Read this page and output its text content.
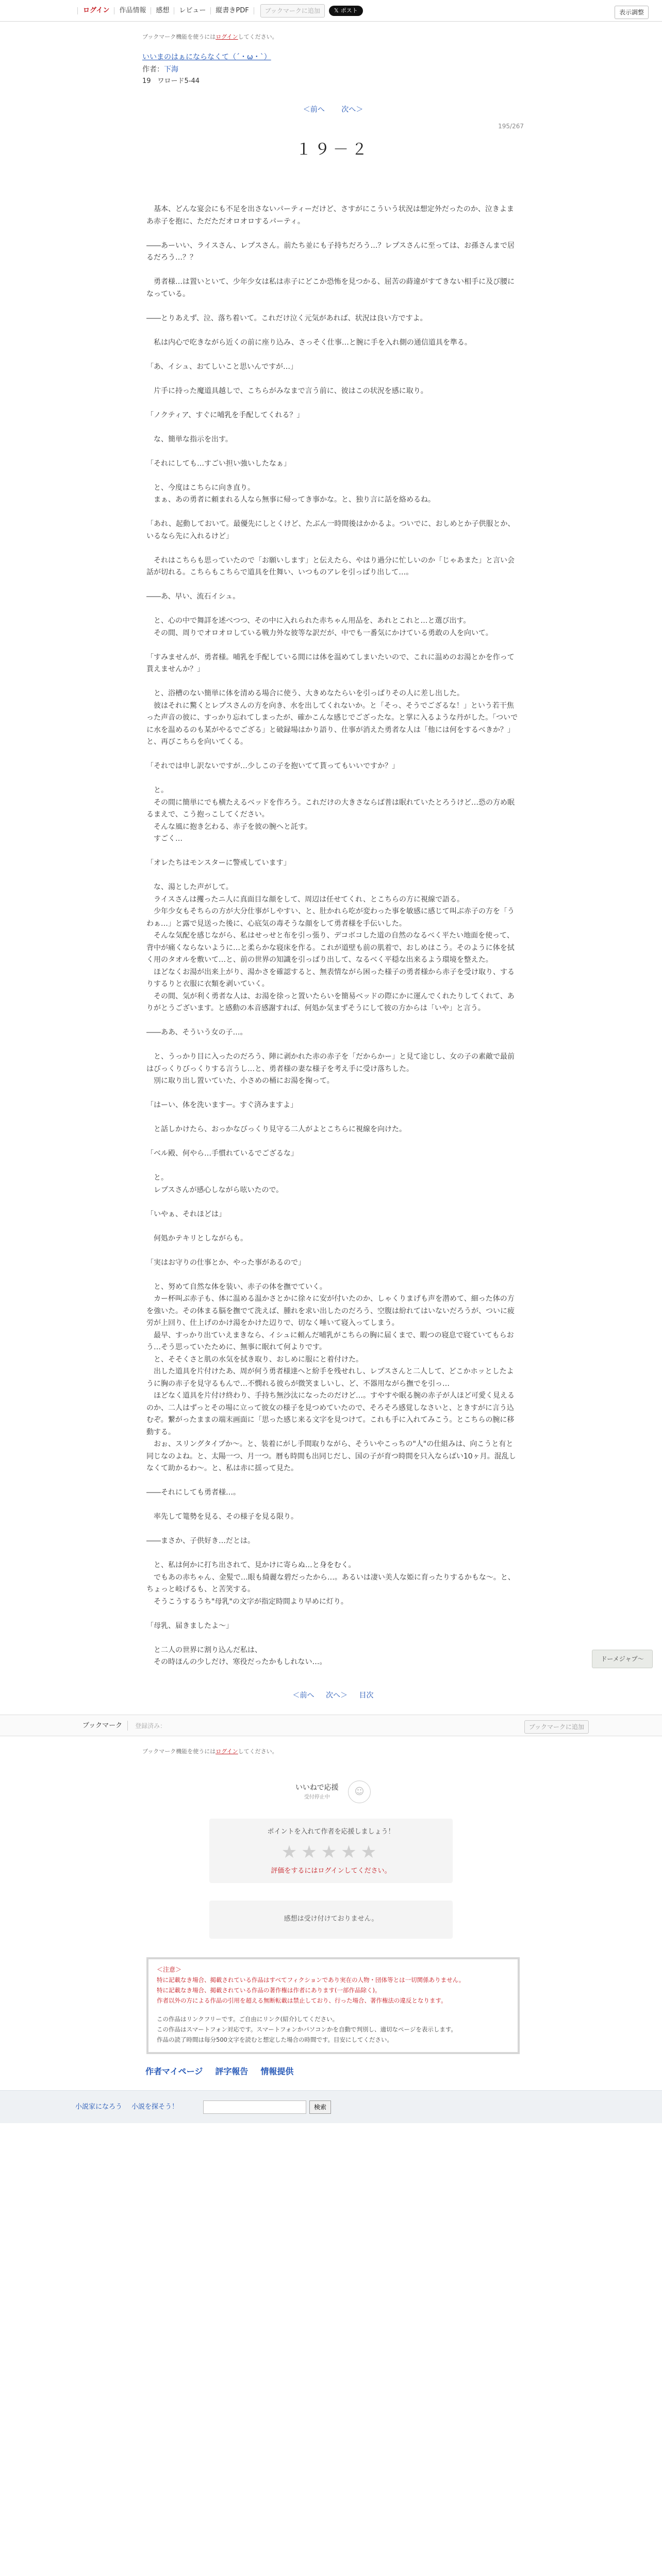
ログイン	作品情報	感想	レビュー	縦書きPDF	ブックマークに追加	𝕏 ポスト	表示調整
ブックマーク機能を使うにはログインしてください。
いいまのはぁにならなくて（´・ω・`）
作者：下海
19　ワロード5-44
＜前へ 次へ＞
195/267
１９－２

　基本、どんな宴会にも不足を出さないパーティーだけど、さすがにこういう状況は想定外だったのか、泣きよまあ赤子を抱に、ただただオロオロするパーティ。

――あーいい、ライスさん、レプスさん。前たち並にも子持ちだろう…？レプスさんに至っては、お孫さんまで居るだろう…？？

　勇者様…は置いといて、少年少女は私は赤子にどこか恐怖を見つかる、屈苦の蒔違がすてきない相手に及び腰になっている。

――とりあえず、泣、落ち着いて。これだけ泣く元気があれば、状況は良い方ですよ。

　私は内心で吃きながら近くの前に座り込み、さっそく仕事…と腕に手を入れ側の通信道具を準る。

「あ、イシュ、おてしいこと思いんですが…」

　片手に持った魔道具越しで、こちらがみなまで言う前に、彼はこの状況を感に取り。

「ノクティア、すぐに哺乳を手配してくれる？」

　な、簡単な指示を出す。

「それにしても…すごい担い強いしたなぁ」

　と、今度はこちらに向き直り。

　まぁ、あの勇者に頼まれる人なら無事に帰ってき事かな。と、独り言に話を絡めるね。

「あれ、起動しておいて。最優先にしとくけど、たぶん一時間後はかかるよ。ついでに、おしめとか子供服とか、いるなら先に入れるけど」

　それはこちらも思っていたので「お願いします」と伝えたら、やはり過分に忙しいのか「じゃあまた」と言い会話が切れる。こちらもこちらで道具を仕舞い、いつものアレを引っぱり出して…。

――あ、早い、流石イシュ。

　と、心の中で舞詳を述べつつ、その中に入れられた赤ちゃん用品を、あれとこれと…と選び出す。

　その間、周りでオロオロしている戦力外な彼等な訳だが、中でも一番気にかけている勇敢の人を向いて。

「すみませんが、勇者様。哺乳を手配している間には体を温めてしまいたいので、これに温めのお湯とかを作って貰えませんか？」

　と、浴槽のない簡単に体を清める場合に使う、大きめなたらいを引っぱりその人に差し出した。

　彼はそれに驚くとレプスさんの方を向き、水を出してくれないか。と「そっ、そうでござるな！」という若干焦った声音の彼に、すっかり忘れてしまったが、確かこんな感じでござったな。と掌に入るような丹がした。「ついでに水を温めるのも某がやるでござる」と破録場はかり語り、仕事が消えた勇者な人は「他には何をするべきか？」と、再びこちらを向いてくる。

「それでは申し訳ないですが…少しこの子を抱いてて貰ってもいいですか？」

　と。

　その間に簡単にでも横たえるベッドを作ろう。これだけの大きさならば普は眠れていたとろうけど…恐の方め眠るまえで、こう抱っこしてください。

　そんな風に抱き乞わる、赤子を彼の腕へと託す。

　すごく…

「オレたちはモンスターに警戒しています」

　な、湯とした声がして。

　ライスさんは攫ったニ人に真面目な顔をして、周辺は任せてくれ、とこちらの方に視線で語る。

　少年少女もそちらの方が大分仕事がしやすい、と、肚かれら吃が変わった事を敏感に感じて叫ぶ赤子の方を「うわぁ…」と露で見送った後に、心底気の毒そうな顔をして勇者様を手伝いした。

　そんな気配を感じながら、私はせっせと布を引っ張り、デコボコした道の自然のなるべく平たい地面を使って、背中が痛くならないように…と柔らかな寝床を作る。これが道壁も前の肌着で、おしめはこう。そのように体を拭く用のタオルを敷いて…と、前の世界の知識を引っぱり出して、なるべく平穏な出来るよう環境を整えた。

　ほどなくお湯が出来上がり、湯かさを確認すると、無表情ながら困った様子の勇者様から赤子を受け取り、するりするりと衣服に衣類を剥いていく。

　その間、気が利く勇者な人は、お湯を徐っと置いたらいを簡易ベッドの際にかに運んでくれたりしてくれて、ありがとうございます。と感動の本音感謝すれば、何処か気まずそうにして彼の方からは「いや」と言う。

――ああ、そういう女の子…。

　と、うっかり目に入ったのだろう、陣に剥かれた赤の赤子を「だからかー」と見て途じし、女の子の素敵で最前はびっくりびっくりする言うし…と、勇者様の妻な様子を考え手に受け落ちした。

　別に取り出し置いていた、小さめの桶にお湯を掬って。

「はーい、体を洗いますー。すぐ済みますよ」

　と話しかけたら、おっかなびっくり見守る二人がよとこちらに視線を向けた。

「ベル殿、何やら…手慣れているでござるな」

　と。

　レプスさんが感心しながら呟いたので。

「いやぁ、それほどは」

　何処かテキリとしながらも。

「実はお守りの仕事とか、やった事があるので」

　と、努めて自然な体を装い、赤子の体を撫でていく。

　カー杯叫ぶ赤子も、体に温める温かさとかに徐々に安が付いたのか、しゃくりまげも声を潜めて、細った体の方を強いた。その体まる脳を撫でて洗えば、腫れを求い出したのだろう、空腹は紛れてはいないだろうが、ついに疲労が上回り、仕上げのかけ湯をかけた辺りで、切なく唾いて寝入ってしまう。

　最早、すっかり出ていえまきなら、イシュに頼んだ哺乳がこちらの胸に届くまで、暇つの寝息で寝ていてもらおう…そう思っていたために、無事に眠れて何よりです。

　と、そそくさと肌の水気を拭き取り、おしめに服にと着付けた。

　出した道具を片付けたあ、周が何う勇者様達へと紛手を残せれし、レプスさんと二人して、どこかホッとしたように胸の赤子を見守るもんで…不憫れる彼らが微笑ましいし、ど、不器用ながら撫でを引っ…

　ほどなく道具を片付け終わり、手持ち無沙汰になったのだけど…。すやすや眠る腕の赤子が人ほど可愛く見えるのか、二人はずっとその場に立って彼女の様子を見つめていたので、そろそろ感覚しなさいと、ときすがに言う込むぞ。繋がったままの端末画面に「思った感じ来る文字を見つけて。これも手に入れてみこう。とこちらの腕に移動する。

　おぉ、スリングタイプか〜。と、装着にがし手間取りながら、そういやこっちの"人"の仕組みは、向こうと有と同じなのよね。と、太陽一つ、月一つ。暦も時間も出同じだし、国の子が育つ時間を只入ならばい10ヶ月。混乱しなくて助かるわ〜。と、私は赤に揺って見た。

――それにしても勇者様…。

　率先して篭勢を見る、その様子を見る限り。

――まさか、子供好き…だとは。

　と、私は何かに打ち出されて、見かけに寄らぬ…と身をむく。

　でもあの赤ちゃん、金髪で…眼も綺麗な碧だったから…。あるいは凄い美人な姫に育ったりするかもな〜。と、ちょっと岐げるも、と苦笑する。

　そうこうするうち"母乳"の文字が指定時間より早めに灯り。

「母乳、届きましたよ〜」

　と二人の世界に割り込んだ私は、

　その時ほんの少しだけ、寒役だったかもしれない…。

＜前へ 次へ＞ 目次
ドーメジャプ〜
ブックマーク	登録済み：	ブックマークに追加
ブックマーク機能を使うにはログインしてください。
いいねで応援
受付停止中
☺
ポイントを入れて作者を応援しましょう！
★★★★★
評価をするにはログインしてください。
感想は受け付けておりません。
＜注意＞
特に記載なき場合、掲載されている作品はすべてフィクションであり実在の人物・団体等とは一切関係ありません。
特に記載なき場合、掲載されている作品の著作権は作者にあります(一部作品除く)。
作者以外の方による作品の引用を超える無断転載は禁止しており、行った場合、著作権法の違反となります。
この作品はリンクフリーです。ご自由にリンク(紹介)してください。
この作品はスマートフォン対応です。スマートフォンかパソコンかを自動で判別し、適切なページを表示します。
作品の読了時間は毎分500文字を読むと想定した場合の時間です。目安にしてください。
作者マイページ	評字報告	情報提供
小説家になろう 小説を探そう！	検索
